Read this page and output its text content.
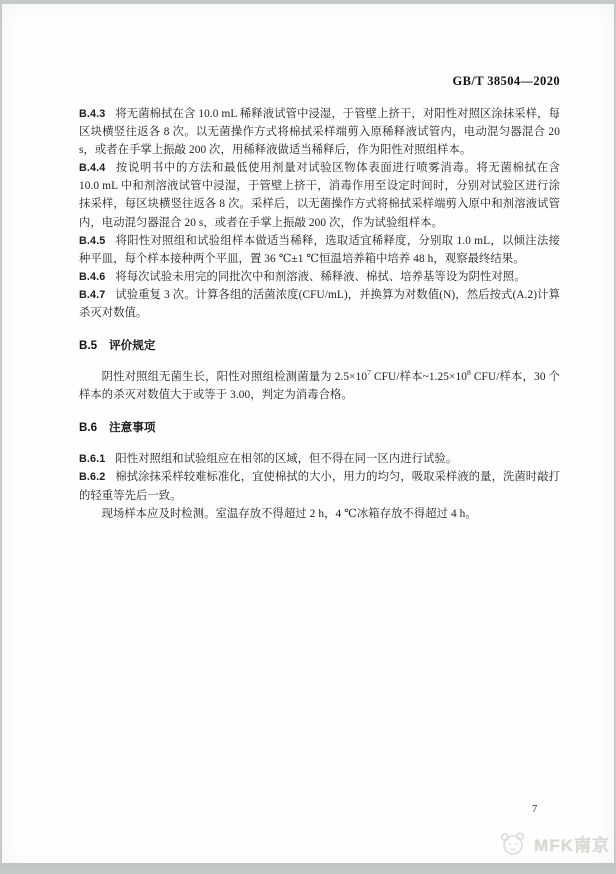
GB/T 38504—2020

B.4.3 将无菌棉拭在含 10.0 mL 稀释液试管中浸湿，于管壁上挤干，对阳性对照区涂抹采样，每区块横竖往返各 8 次。以无菌操作方式将棉拭采样端剪入原稀释液试管内，电动混匀器混合 20 s，或者在手掌上振敲 200 次，用稀释液做适当稀释后，作为阳性对照组样本。

B.4.4 按说明书中的方法和最低使用剂量对试验区物体表面进行喷雾消毒。将无菌棉拭在含 10.0 mL 中和剂溶液试管中浸湿，于管壁上挤干，消毒作用至设定时间时，分别对试验区进行涂抹采样，每区块横竖往返各 8 次。采样后，以无菌操作方式将棉拭采样端剪入原中和剂溶液试管内，电动混匀器混合 20 s，或者在手掌上振敲 200 次，作为试验组样本。

B.4.5 将阳性对照组和试验组样本做适当稀释，选取适宜稀释度，分别取 1.0 mL，以倾注法接种平皿，每个样本接种两个平皿，置 36 ℃±1 ℃恒温培养箱中培养 48 h，观察最终结果。

B.4.6 将每次试验未用完的同批次中和剂溶液、稀释液、棉拭、培养基等设为阴性对照。

B.4.7 试验重复 3 次。计算各组的活菌浓度(CFU/mL)，并换算为对数值(N)，然后按式(A.2)计算杀灭对数值。

B.5 评价规定

阴性对照组无菌生长，阳性对照组检测菌量为 $2.5\times 10^7$ CFU/样本$\sim 1.25\times 10^8$ CFU/样本，30 个样本的杀灭对数值大于或等于 3.00，判定为消毒合格。

B.6 注意事项

B.6.1 阳性对照组和试验组应在相邻的区域，但不得在同一区内进行试验。

B.6.2 棉拭涂抹采样较难标准化，宜使棉拭的大小，用力的均匀，吸取采样液的量，洗菌时敲打的轻重等先后一致。

现场样本应及时检测。室温存放不得超过 2 h，4 ℃冰箱存放不得超过 4 h。

7
MFK南京
